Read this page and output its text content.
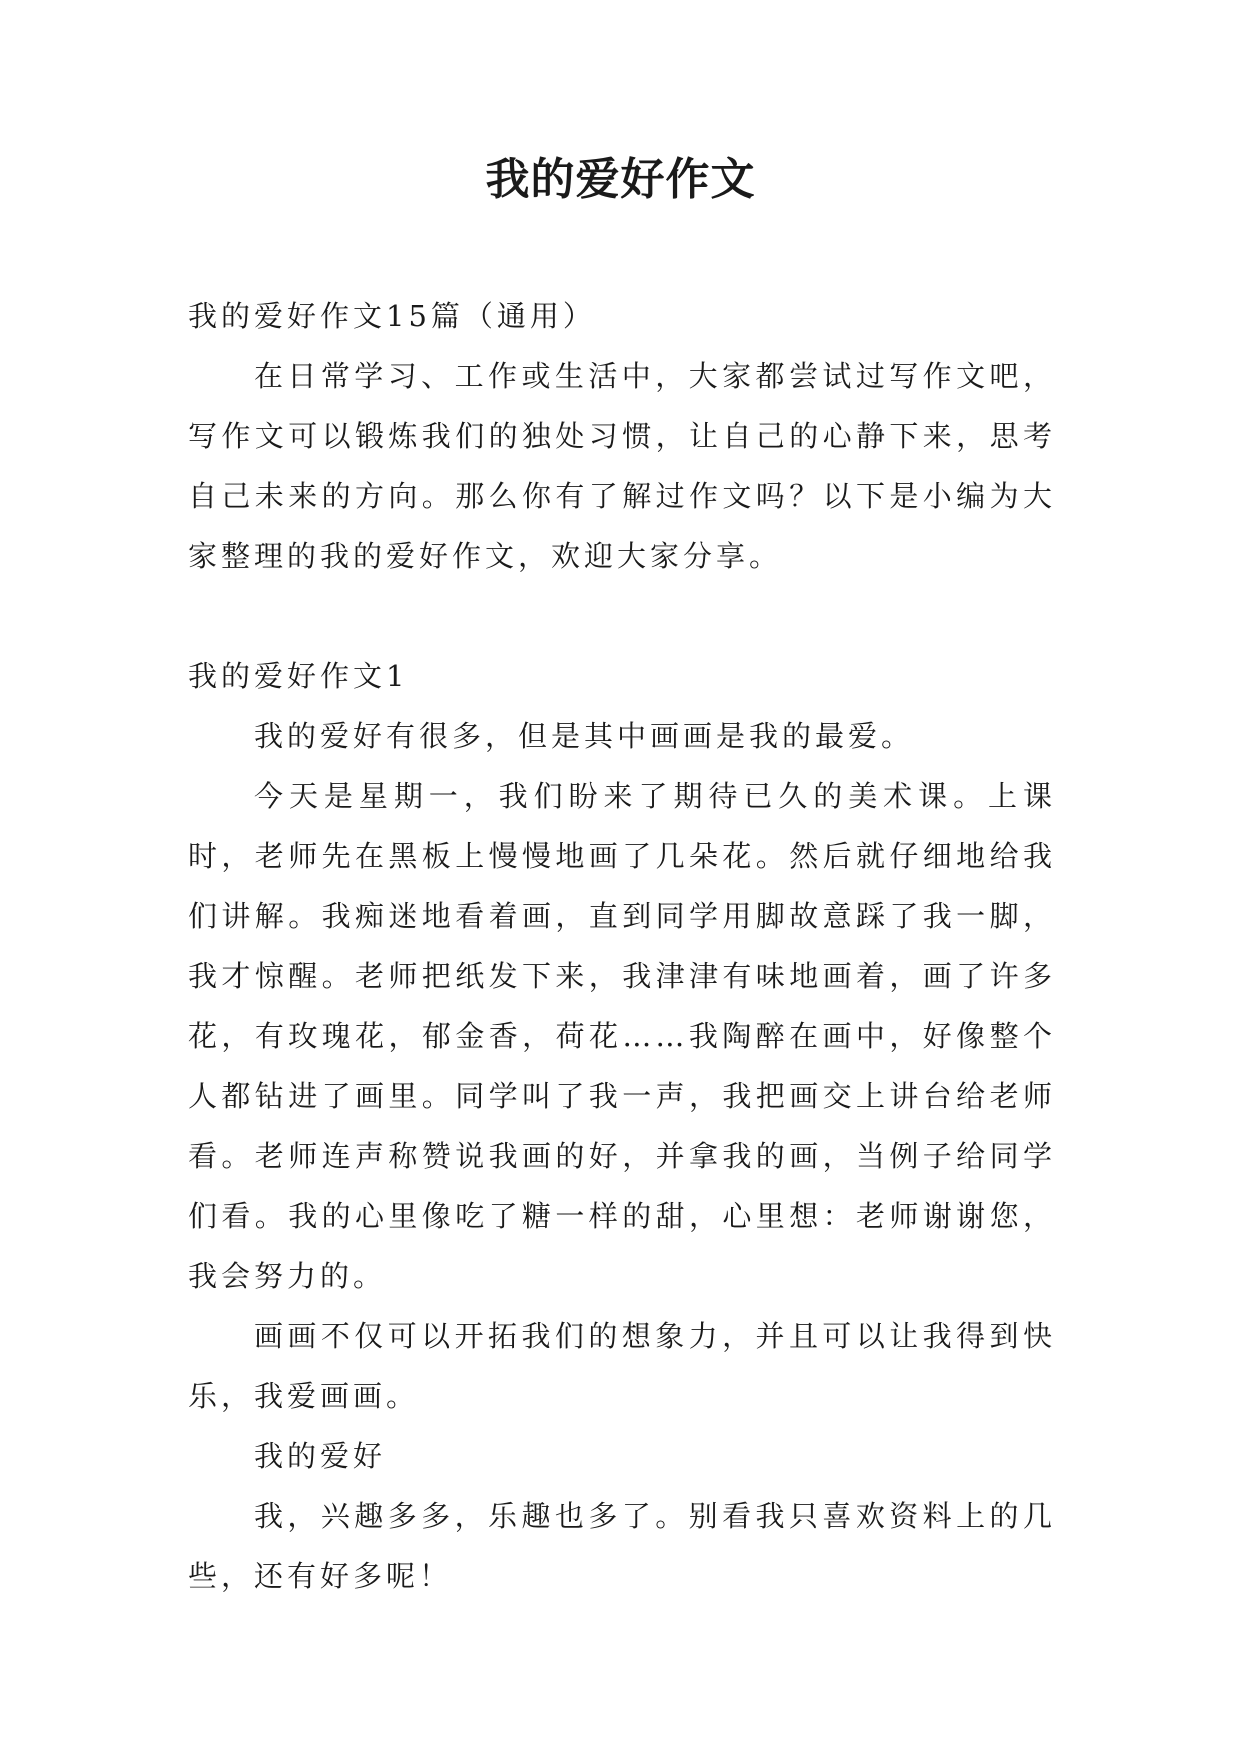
我的爱好作文

我的爱好作文15篇（通用）

在日常学习、工作或生活中，大家都尝试过写作文吧，写作文可以锻炼我们的独处习惯，让自己的心静下来，思考自己未来的方向。那么你有了解过作文吗？以下是小编为大家整理的我的爱好作文，欢迎大家分享。

我的爱好作文1

我的爱好有很多，但是其中画画是我的最爱。

今天是星期一，我们盼来了期待已久的美术课。上课时，老师先在黑板上慢慢地画了几朵花。然后就仔细地给我们讲解。我痴迷地看着画，直到同学用脚故意踩了我一脚，我才惊醒。老师把纸发下来，我津津有味地画着，画了许多花，有玫瑰花，郁金香，荷花……我陶醉在画中，好像整个人都钻进了画里。同学叫了我一声，我把画交上讲台给老师看。老师连声称赞说我画的好，并拿我的画，当例子给同学们看。我的心里像吃了糖一样的甜，心里想：老师谢谢您，我会努力的。

画画不仅可以开拓我们的想象力，并且可以让我得到快乐，我爱画画。

我的爱好

我，兴趣多多，乐趣也多了。别看我只喜欢资料上的几些，还有好多呢！
